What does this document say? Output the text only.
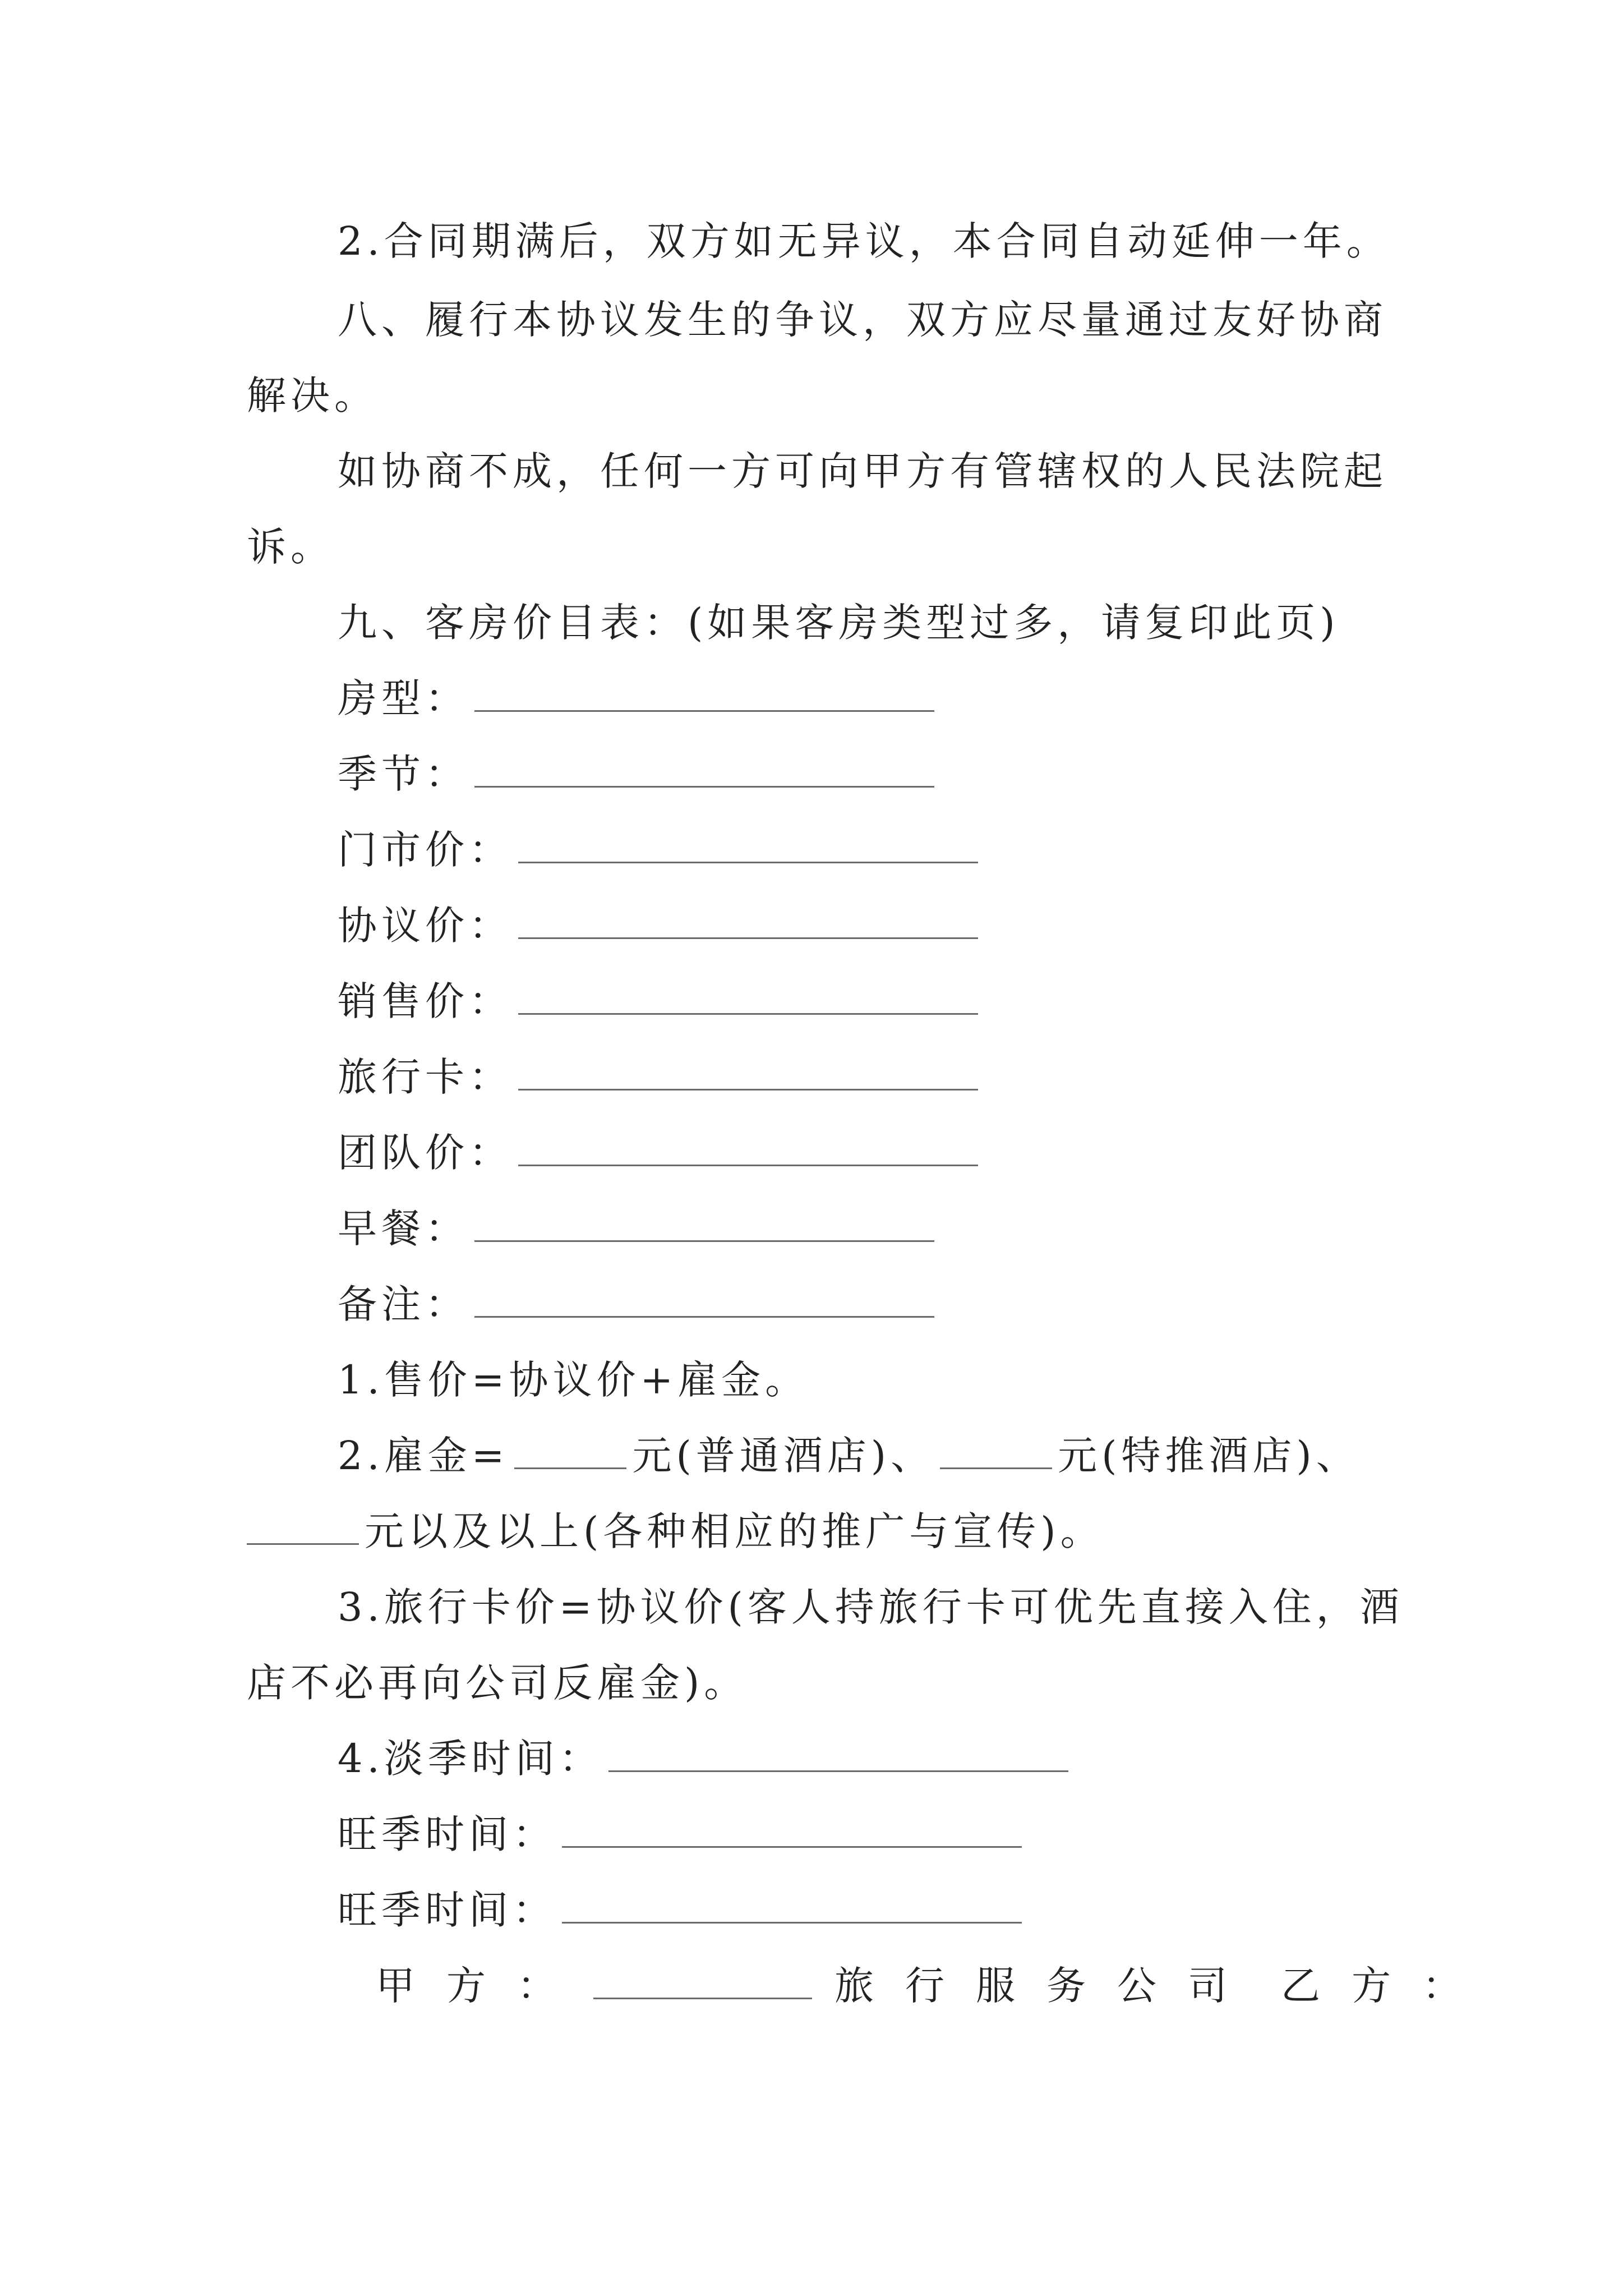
2.合同期满后，双方如无异议，本合同自动延伸一年。
八、履行本协议发生的争议，双方应尽量通过友好协商
解决。
如协商不成，任何一方可向甲方有管辖权的人民法院起
诉。
九、客房价目表：(如果客房类型过多，请复印此页)
房型：
季节：
门市价：
协议价：
销售价：
旅行卡：
团队价：
早餐：
备注：
1.售价=协议价+雇金。
2.雇金=	元(普通酒店)、	元(特推酒店)、
元以及以上(各种相应的推广与宣传)。
3.旅行卡价=协议价(客人持旅行卡可优先直接入住，酒
店不必再向公司反雇金)。
4.淡季时间：
旺季时间：
旺季时间：
甲方：	旅行服务公司 乙方：
